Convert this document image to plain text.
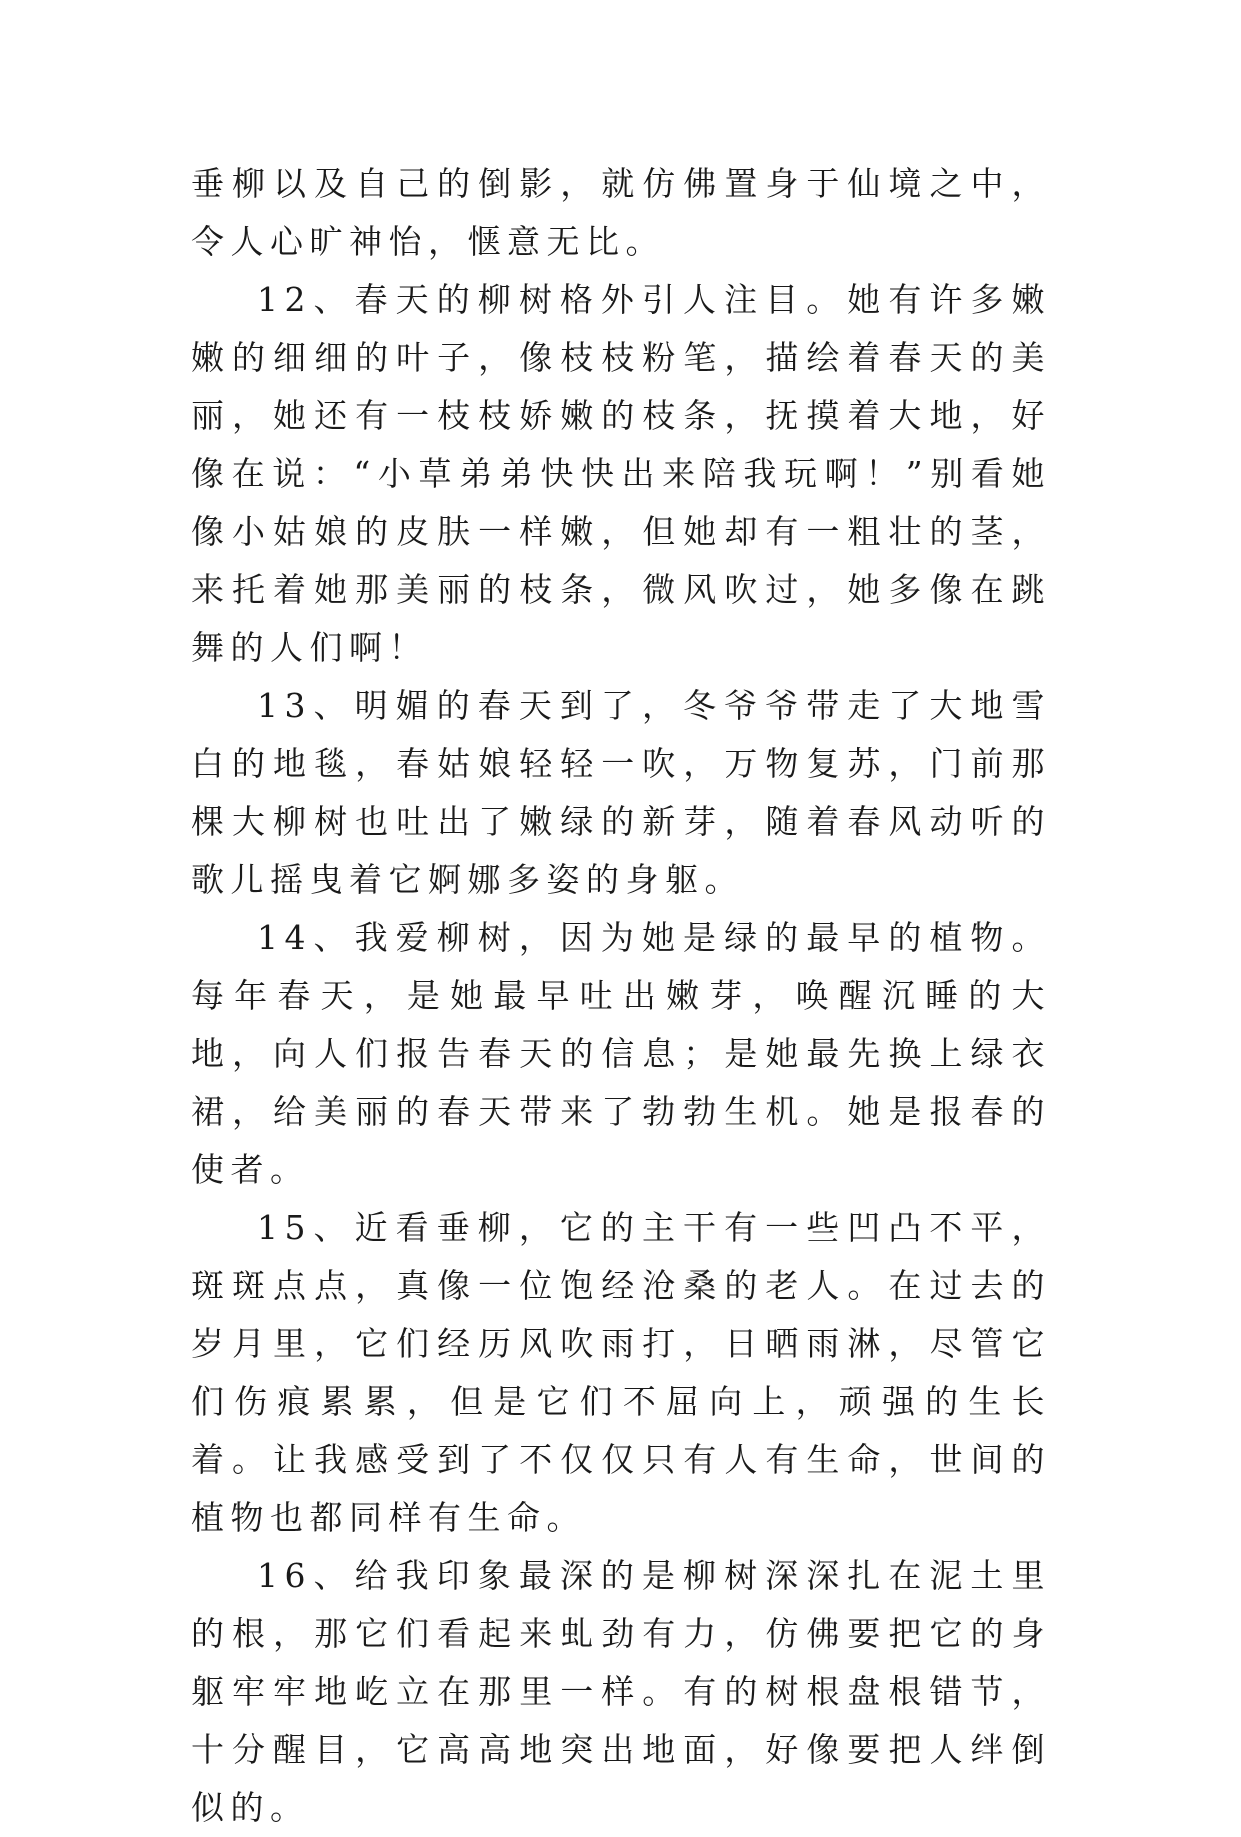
垂柳以及自己的倒影，就仿佛置身于仙境之中，令人心旷神怡，惬意无比。

12、春天的柳树格外引人注目。她有许多嫩嫩的细细的叶子，像枝枝粉笔，描绘着春天的美丽，她还有一枝枝娇嫩的枝条，抚摸着大地，好像在说：“小草弟弟快快出来陪我玩啊！”别看她像小姑娘的皮肤一样嫩，但她却有一粗壮的茎，来托着她那美丽的枝条，微风吹过，她多像在跳舞的人们啊！

13、明媚的春天到了，冬爷爷带走了大地雪白的地毯，春姑娘轻轻一吹，万物复苏，门前那棵大柳树也吐出了嫩绿的新芽，随着春风动听的歌儿摇曳着它婀娜多姿的身躯。

14、我爱柳树，因为她是绿的最早的植物。每年春天，是她最早吐出嫩芽，唤醒沉睡的大地，向人们报告春天的信息；是她最先换上绿衣裙，给美丽的春天带来了勃勃生机。她是报春的使者。

15、近看垂柳，它的主干有一些凹凸不平，斑斑点点，真像一位饱经沧桑的老人。在过去的岁月里，它们经历风吹雨打，日晒雨淋，尽管它们伤痕累累，但是它们不屈向上，顽强的生长着。让我感受到了不仅仅只有人有生命，世间的植物也都同样有生命。

16、给我印象最深的是柳树深深扎在泥土里的根，那它们看起来虬劲有力，仿佛要把它的身躯牢牢地屹立在那里一样。有的树根盘根错节，十分醒目，它高高地突出地面，好像要把人绊倒似的。
